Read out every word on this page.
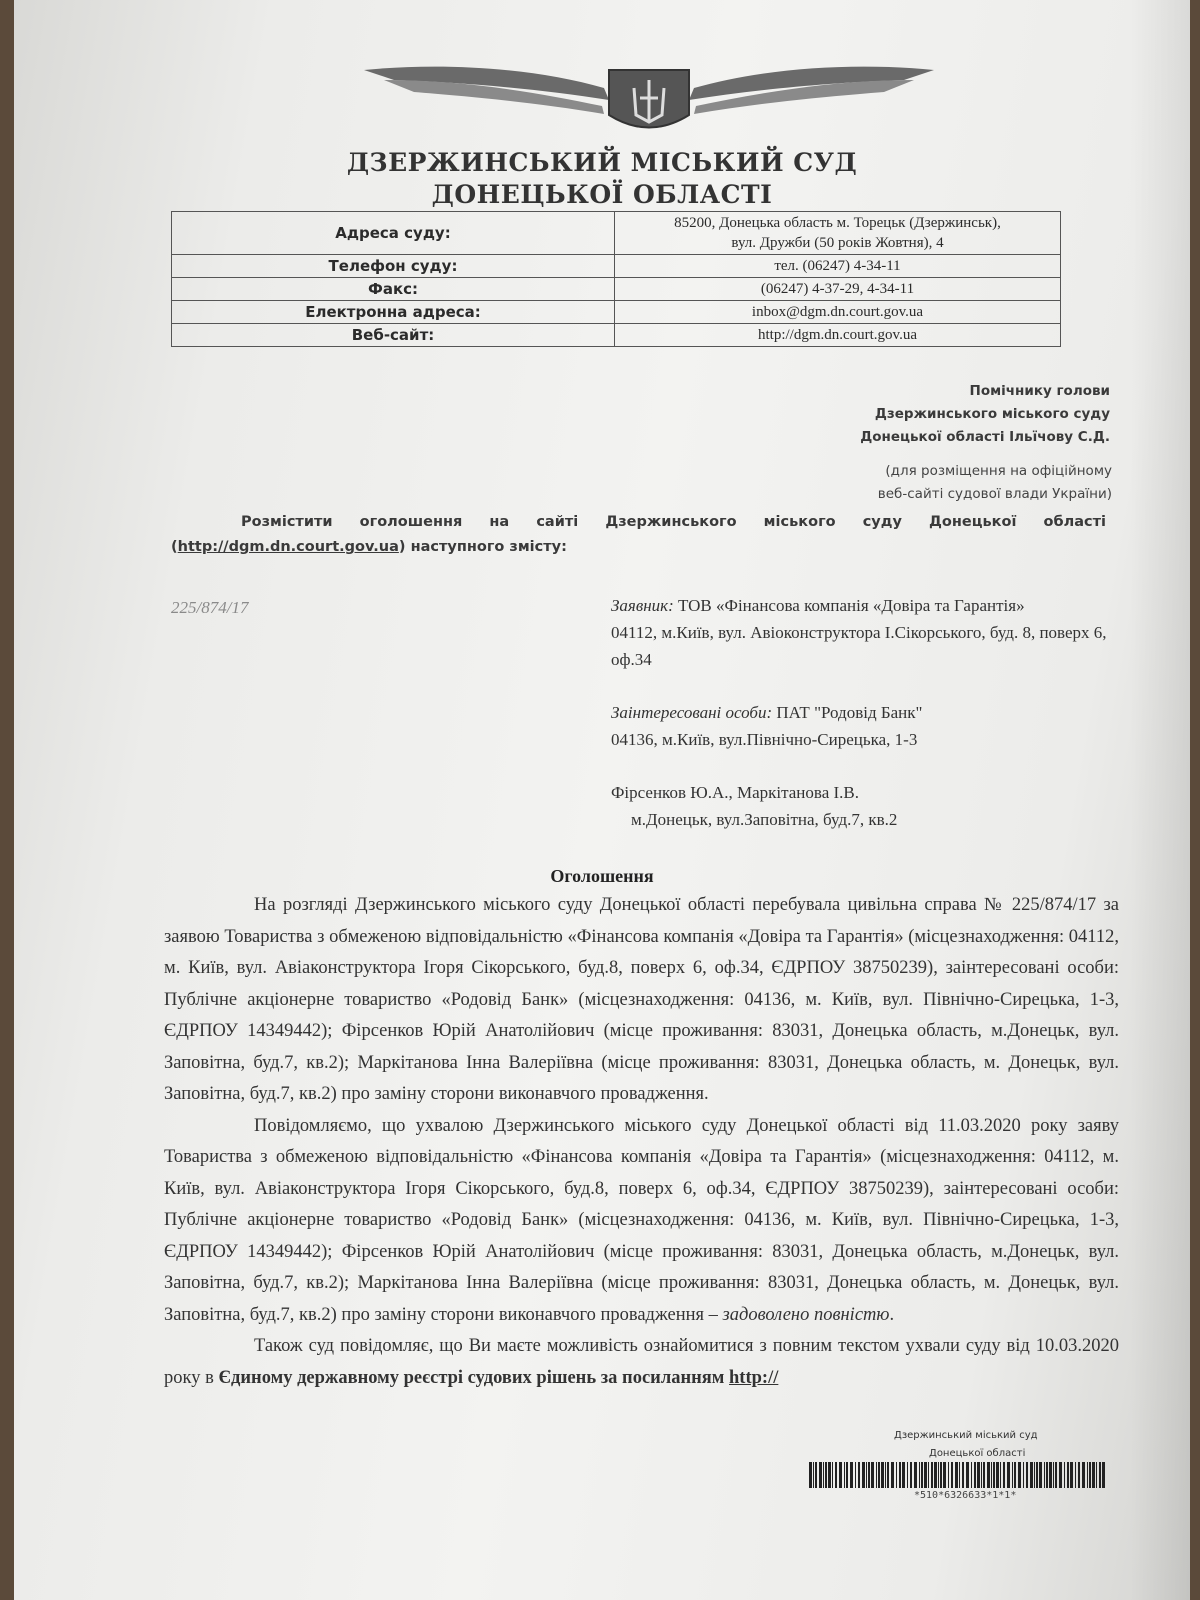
ДЗЕРЖИНСЬКИЙ МІСЬКИЙ СУД
ДОНЕЦЬКОЇ ОБЛАСТІ
Адреса суду:	85200, Донецька область м. Торецьк (Дзержинськ),
вул. Дружби (50 років Жовтня), 4

Телефон суду:	тел. (06247) 4-34-11
Факс:	(06247) 4-37-29, 4-34-11
Електронна адреса:	inbox@dgm.dn.court.gov.ua
Веб-сайт:	http://dgm.dn.court.gov.ua
Помічнику голови
Дзержинського міського суду
Донецької області Ільїчову С.Д.
(для розміщення на офіційному
веб-сайті судової влади України)
Розмістити оголошення на сайті Дзержинського міського суду Донецької області (http://dgm.dn.court.gov.ua) наступного змісту:
225/874/17	Заявник: ТОВ «Фінансова компанія «Довіра та Гарантія»
04112, м.Київ, вул. Авіоконструктора І.Сікорського, буд. 8, поверх 6, оф.34
Заінтересовані особи: ПАТ "Родовід Банк"
04136, м.Київ, вул.Північно-Сирецька, 1-3
Фірсенков Ю.А., Маркітанова І.В.
м.Донецьк, вул.Заповітна, буд.7, кв.2
Оголошення

На розгляді Дзержинського міського суду Донецької області перебувала цивільна справа № 225/874/17 за заявою Товариства з обмеженою відповідальністю «Фінансова компанія «Довіра та Гарантія» (місцезнаходження: 04112, м. Київ, вул. Авіаконструктора Ігоря Сікорського, буд.8, поверх 6, оф.34, ЄДРПОУ 38750239), заінтересовані особи: Публічне акціонерне товариство «Родовід Банк» (місцезнаходження: 04136, м. Київ, вул. Північно-Сирецька, 1-3, ЄДРПОУ 14349442); Фірсенков Юрій Анатолійович (місце проживання: 83031, Донецька область, м.Донецьк, вул. Заповітна, буд.7, кв.2); Маркітанова Інна Валеріївна (місце проживання: 83031, Донецька область, м. Донецьк, вул. Заповітна, буд.7, кв.2) про заміну сторони виконавчого провадження.

Повідомляємо, що ухвалою Дзержинського міського суду Донецької області від 11.03.2020 року заяву Товариства з обмеженою відповідальністю «Фінансова компанія «Довіра та Гарантія» (місцезнаходження: 04112, м. Київ, вул. Авіаконструктора Ігоря Сікорського, буд.8, поверх 6, оф.34, ЄДРПОУ 38750239), заінтересовані особи: Публічне акціонерне товариство «Родовід Банк» (місцезнаходження: 04136, м. Київ, вул. Північно-Сирецька, 1-3, ЄДРПОУ 14349442); Фірсенков Юрій Анатолійович (місце проживання: 83031, Донецька область, м.Донецьк, вул. Заповітна, буд.7, кв.2); Маркітанова Інна Валеріївна (місце проживання: 83031, Донецька область, м. Донецьк, вул. Заповітна, буд.7, кв.2) про заміну сторони виконавчого провадження – задоволено повністю.

Також суд повідомляє, що Ви маєте можливість ознайомитися з повним текстом ухвали суду від 10.03.2020 року в Єдиному державному реєстрі судових рішень за посиланням http://

Дзержинський міський суд
Донецької області
*510*6326633*1*1*
